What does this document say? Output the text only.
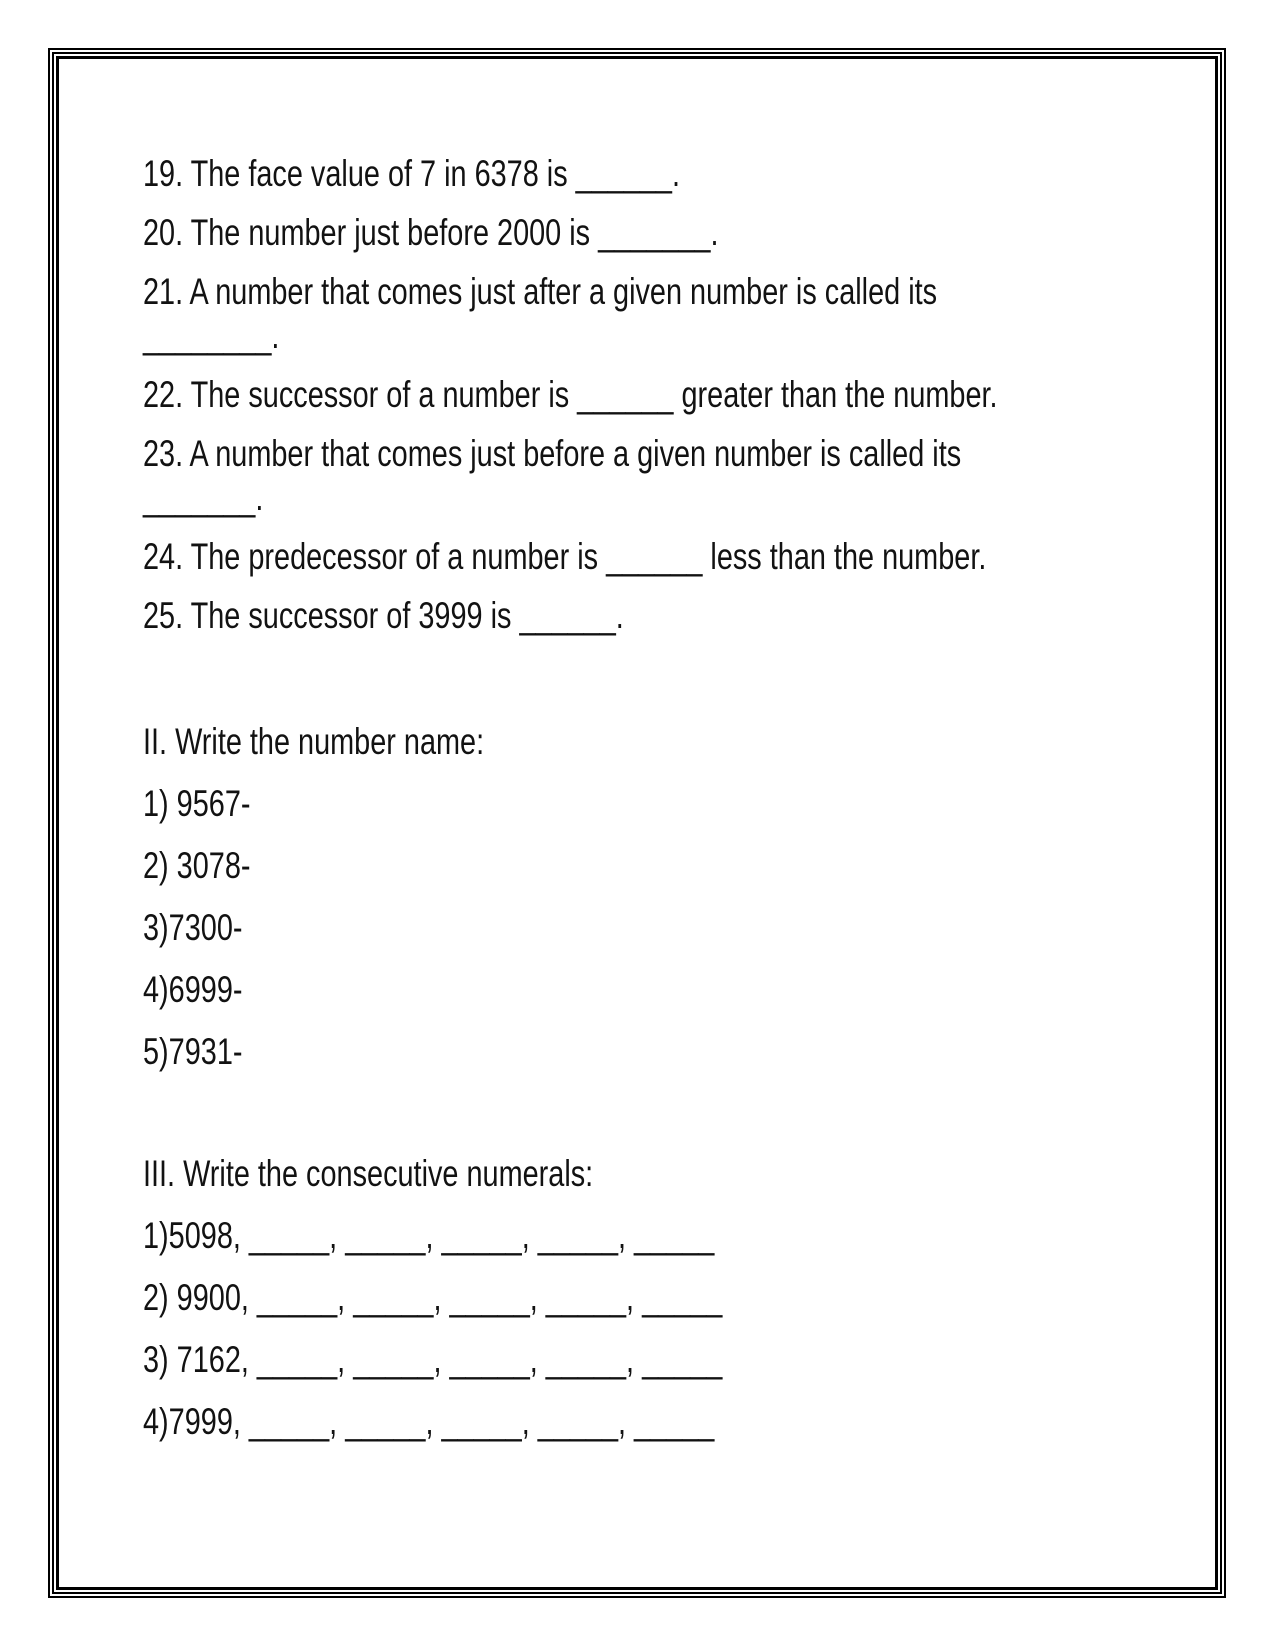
19. The face value of 7 in 6378 is ______.
20. The number just before 2000 is _______.
21. A number that comes just after a given number is called its
________.
22. The successor of a number is ______ greater than the number.
23. A number that comes just before a given number is called its
_______.
24. The predecessor of a number is ______ less than the number.
25. The successor of 3999 is ______.
II. Write the number name:
1) 9567-
2) 3078-
3)7300-
4)6999-
5)7931-
III. Write the consecutive numerals:
1)5098, _____, _____, _____, _____, _____
2) 9900, _____, _____, _____, _____, _____
3) 7162, _____, _____, _____, _____, _____
4)7999, _____, _____, _____, _____, _____
